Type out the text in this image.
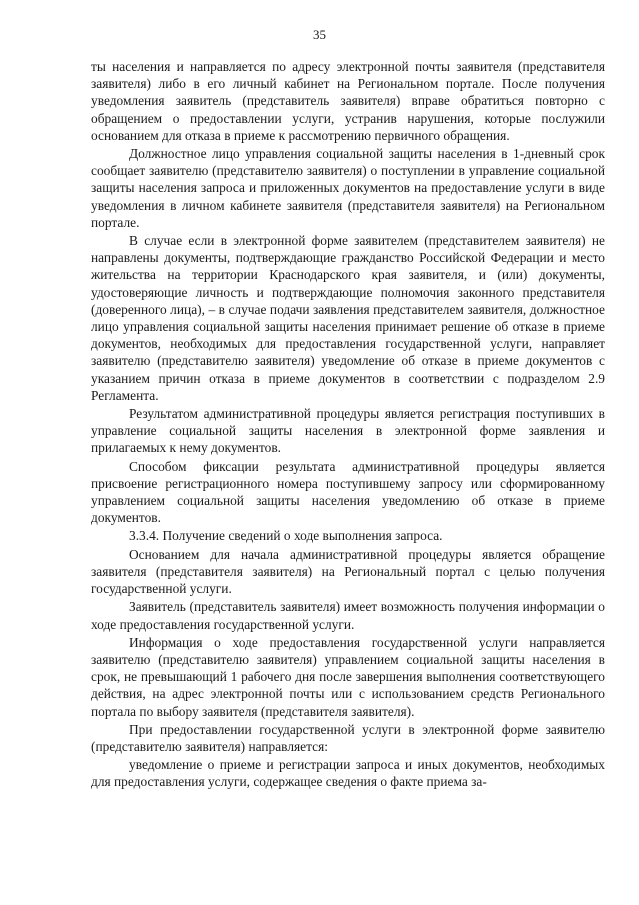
35

ты населения и направляется по адресу электронной почты заявителя (представителя заявителя) либо в его личный кабинет на Региональном портале. После получения уведомления заявитель (представитель заявителя) вправе обратиться повторно с обращением о предоставлении услуги, устранив нарушения, которые послужили основанием для отказа в приеме к рассмотрению первичного обращения.

Должностное лицо управления социальной защиты населения в 1-дневный срок сообщает заявителю (представителю заявителя) о поступлении в управление социальной защиты населения запроса и приложенных документов на предоставление услуги в виде уведомления в личном кабинете заявителя (представителя заявителя) на Региональном портале.

В случае если в электронной форме заявителем (представителем заявителя) не направлены документы, подтверждающие гражданство Российской Федерации и место жительства на территории Краснодарского края заявителя, и (или) документы, удостоверяющие личность и подтверждающие полномочия законного представителя (доверенного лица), – в случае подачи заявления представителем заявителя, должностное лицо управления социальной защиты населения принимает решение об отказе в приеме документов, необходимых для предоставления государственной услуги, направляет заявителю (представителю заявителя) уведомление об отказе в приеме документов с указанием причин отказа в приеме документов в соответствии с подразделом 2.9 Регламента.

Результатом административной процедуры является регистрация поступивших в управление социальной защиты населения в электронной форме заявления и прилагаемых к нему документов.

Способом фиксации результата административной процедуры является присвоение регистрационного номера поступившему запросу или сформированному управлением социальной защиты населения уведомлению об отказе в приеме документов.

3.3.4. Получение сведений о ходе выполнения запроса.

Основанием для начала административной процедуры является обращение заявителя (представителя заявителя) на Региональный портал с целью получения государственной услуги.

Заявитель (представитель заявителя) имеет возможность получения информации о ходе предоставления государственной услуги.

Информация о ходе предоставления государственной услуги направляется заявителю (представителю заявителя) управлением социальной защиты населения в срок, не превышающий 1 рабочего дня после завершения выполнения соответствующего действия, на адрес электронной почты или с использованием средств Регионального портала по выбору заявителя (представителя заявителя).

При предоставлении государственной услуги в электронной форме заявителю (представителю заявителя) направляется:

уведомление о приеме и регистрации запроса и иных документов, необходимых для предоставления услуги, содержащее сведения о факте приема за-
